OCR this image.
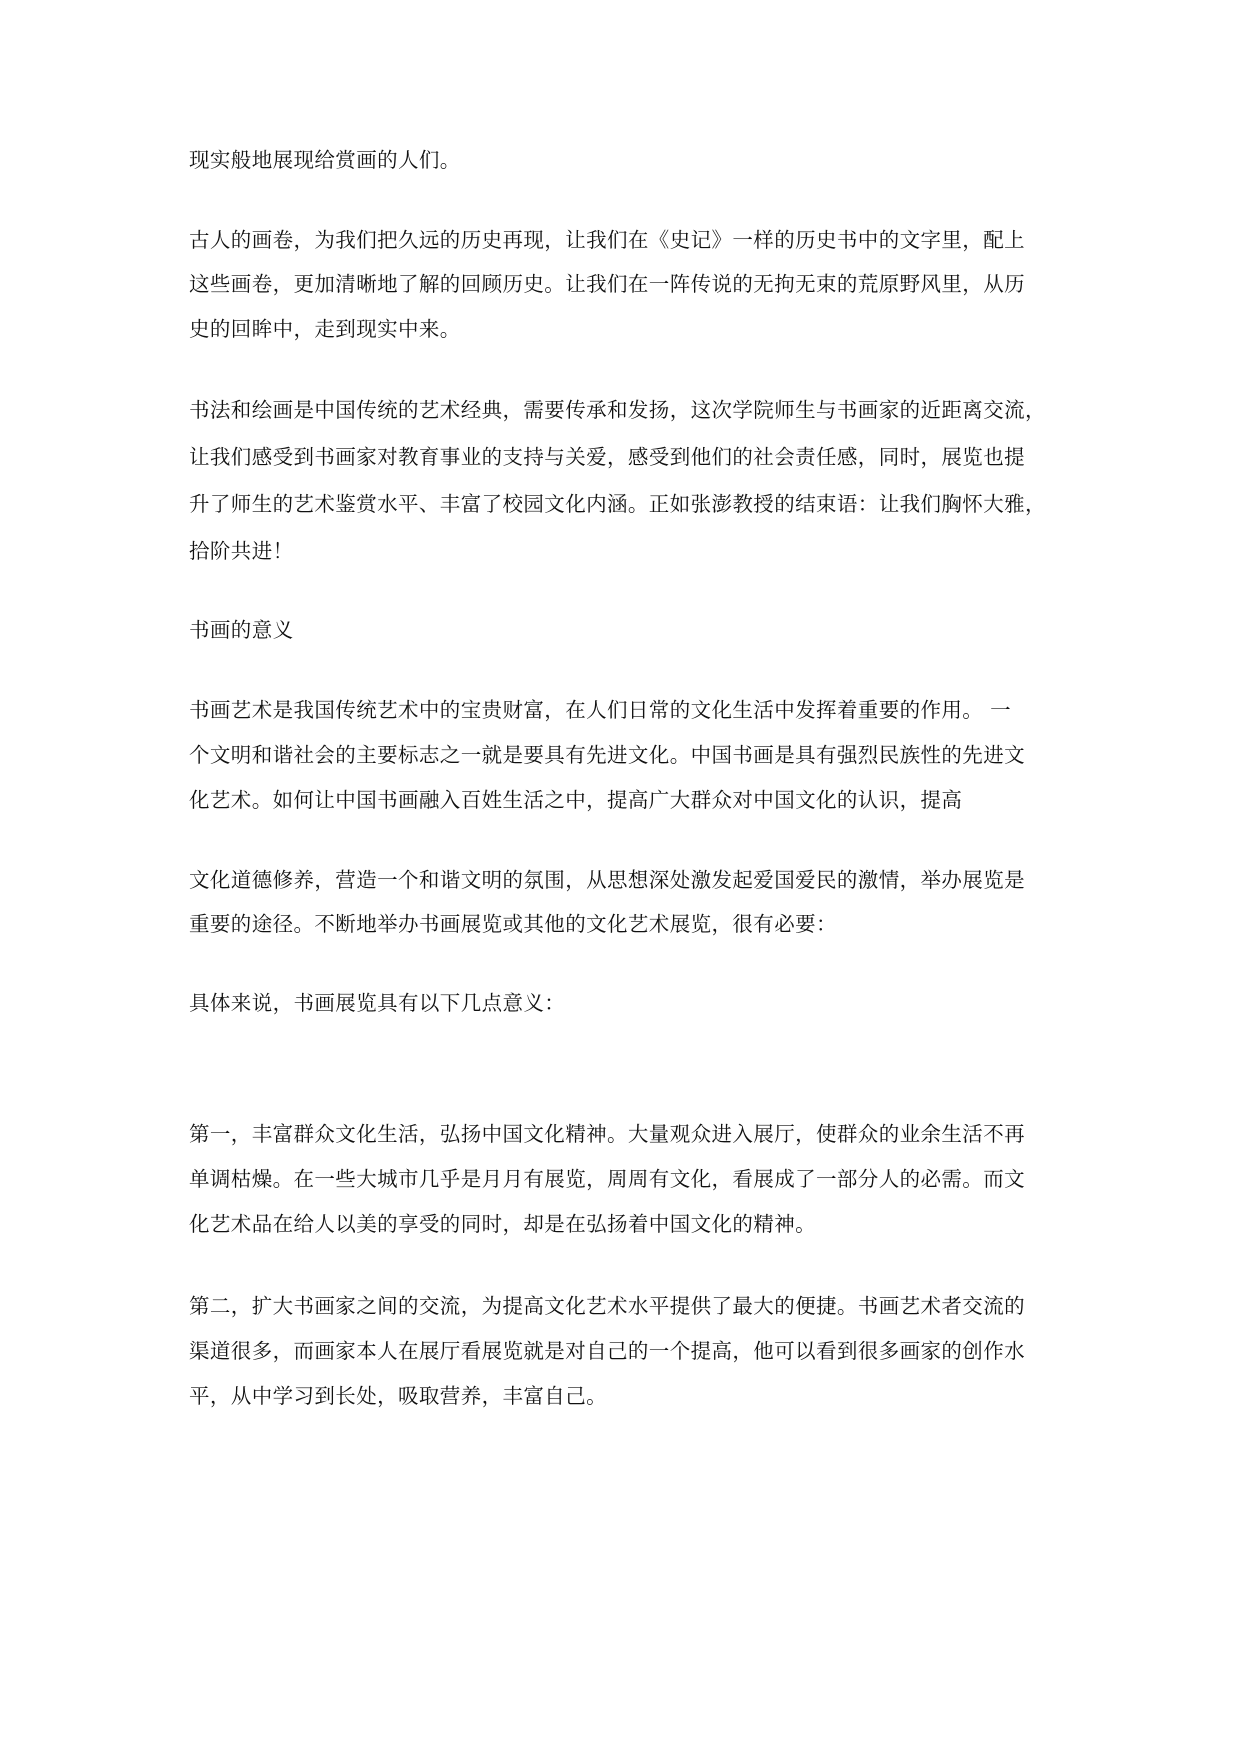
现实般地展现给赏画的人们。
古人的画卷，为我们把久远的历史再现，让我们在《史记》一样的历史书中的文字里，配上
这些画卷，更加清晰地了解的回顾历史。让我们在一阵传说的无拘无束的荒原野风里，从历
史的回眸中，走到现实中来。
书法和绘画是中国传统的艺术经典，需要传承和发扬，这次学院师生与书画家的近距离交流，
让我们感受到书画家对教育事业的支持与关爱，感受到他们的社会责任感，同时，展览也提
升了师生的艺术鉴赏水平、丰富了校园文化内涵。正如张澎教授的结束语：让我们胸怀大雅，
拾阶共进！
书画的意义
书画艺术是我国传统艺术中的宝贵财富，在人们日常的文化生活中发挥着重要的作用。 一
个文明和谐社会的主要标志之一就是要具有先进文化。中国书画是具有强烈民族性的先进文
化艺术。如何让中国书画融入百姓生活之中，提高广大群众对中国文化的认识，提高
文化道德修养，营造一个和谐文明的氛围，从思想深处激发起爱国爱民的激情，举办展览是
重要的途径。不断地举办书画展览或其他的文化艺术展览，很有必要：
具体来说，书画展览具有以下几点意义：
第一，丰富群众文化生活，弘扬中国文化精神。大量观众进入展厅，使群众的业余生活不再
单调枯燥。在一些大城市几乎是月月有展览，周周有文化，看展成了一部分人的必需。而文
化艺术品在给人以美的享受的同时，却是在弘扬着中国文化的精神。
第二，扩大书画家之间的交流，为提高文化艺术水平提供了最大的便捷。书画艺术者交流的
渠道很多，而画家本人在展厅看展览就是对自己的一个提高，他可以看到很多画家的创作水
平，从中学习到长处，吸取营养，丰富自己。
